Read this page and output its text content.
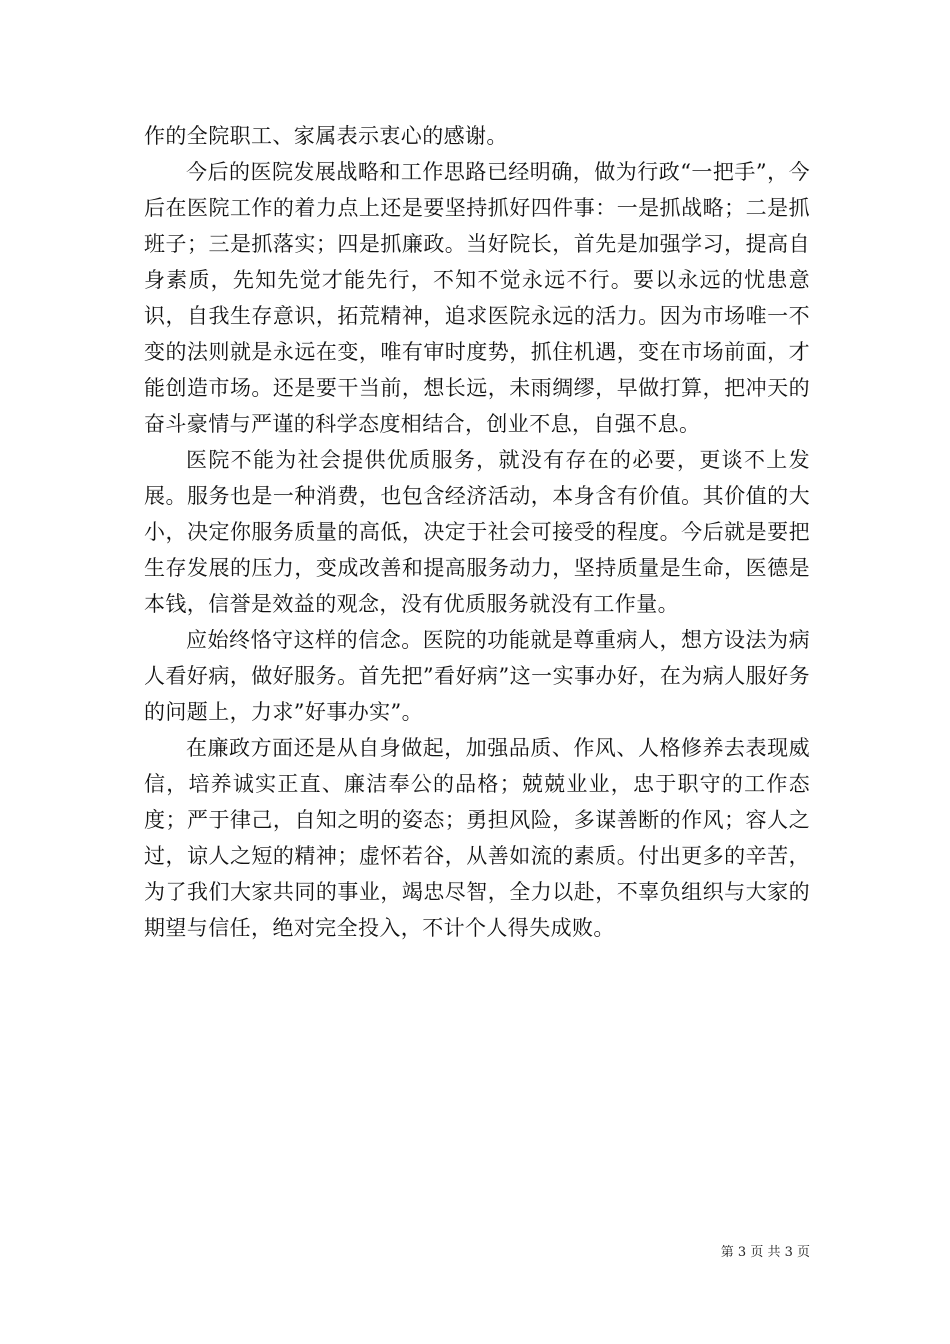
作的全院职工、家属表示衷心的感谢。

今后的医院发展战略和工作思路已经明确，做为行政“一把手”，今后在医院工作的着力点上还是要坚持抓好四件事：一是抓战略；二是抓班子；三是抓落实；四是抓廉政。当好院长，首先是加强学习，提高自身素质，先知先觉才能先行，不知不觉永远不行。要以永远的忧患意识，自我生存意识，拓荒精神，追求医院永远的活力。因为市场唯一不变的法则就是永远在变，唯有审时度势，抓住机遇，变在市场前面，才能创造市场。还是要干当前，想长远，未雨绸缪，早做打算，把冲天的奋斗豪情与严谨的科学态度相结合，创业不息，自强不息。

医院不能为社会提供优质服务，就没有存在的必要，更谈不上发展。服务也是一种消费，也包含经济活动，本身含有价值。其价值的大小，决定你服务质量的高低，决定于社会可接受的程度。今后就是要把生存发展的压力，变成改善和提高服务动力，坚持质量是生命，医德是本钱，信誉是效益的观念，没有优质服务就没有工作量。

应始终恪守这样的信念。医院的功能就是尊重病人，想方设法为病人看好病，做好服务。首先把”看好病”这一实事办好，在为病人服好务的问题上，力求”好事办实”。

在廉政方面还是从自身做起，加强品质、作风、人格修养去表现威信，培养诚实正直、廉洁奉公的品格；兢兢业业，忠于职守的工作态度；严于律己，自知之明的姿态；勇担风险，多谋善断的作风；容人之过，谅人之短的精神；虚怀若谷，从善如流的素质。付出更多的辛苦，为了我们大家共同的事业，竭忠尽智，全力以赴，不辜负组织与大家的期望与信任，绝对完全投入，不计个人得失成败。

第 3 页 共 3 页
